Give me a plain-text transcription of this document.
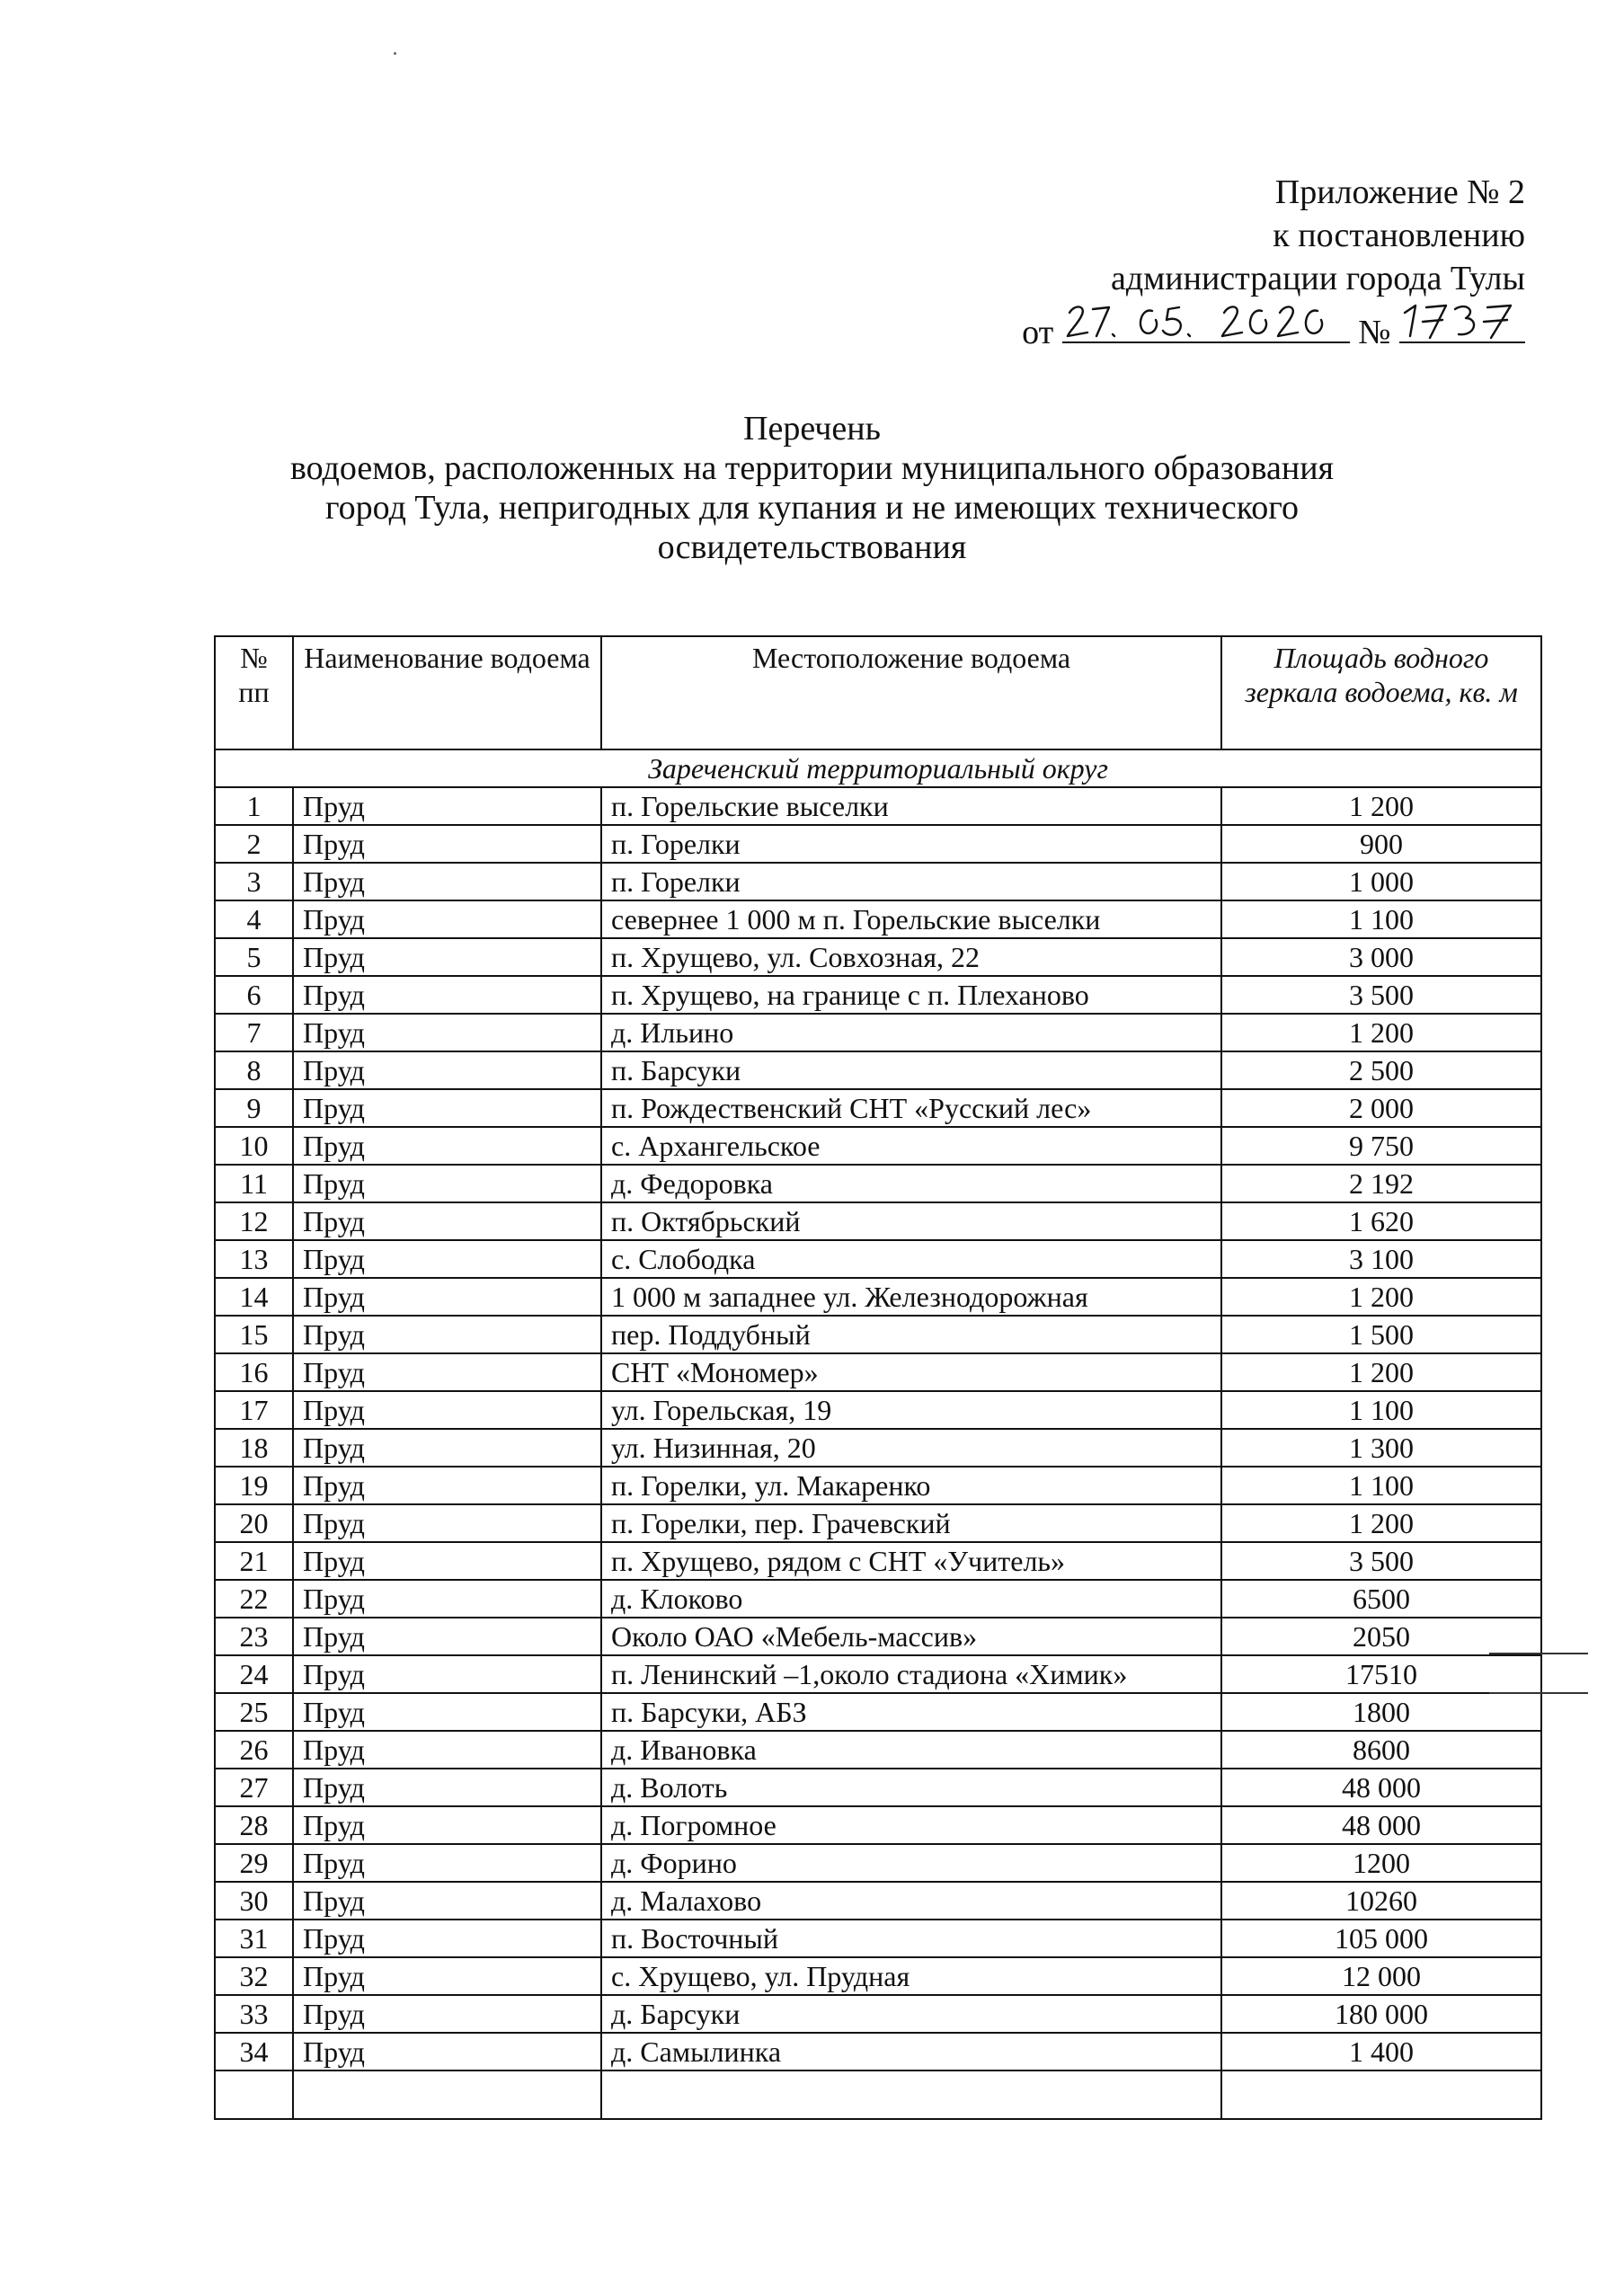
Приложение № 2
к постановлению
администрации города Тулы
от	№
Перечень
водоемов, расположенных на территории муниципального образования
город Тула, непригодных для купания и не имеющих технического
освидетельствования
№ пп	Наименование водоема	Местоположение водоема	Площадь водного зеркала водоема, кв. м
Зареченский территориальный округ			
1	Пруд	п. Горельские выселки	1 200
2	Пруд	п. Горелки	900
3	Пруд	п. Горелки	1 000
4	Пруд	севернее 1 000 м п. Горельские выселки	1 100
5	Пруд	п. Хрущево, ул. Совхозная, 22	3 000
6	Пруд	п. Хрущево, на границе с п. Плеханово	3 500
7	Пруд	д. Ильино	1 200
8	Пруд	п. Барсуки	2 500
9	Пруд	п. Рождественский СНТ «Русский лес»	2 000
10	Пруд	с. Архангельское	9 750
11	Пруд	д. Федоровка	2 192
12	Пруд	п. Октябрьский	1 620
13	Пруд	с. Слободка	3 100
14	Пруд	1 000 м западнее ул. Железнодорожная	1 200
15	Пруд	пер. Поддубный	1 500
16	Пруд	СНТ «Мономер»	1 200
17	Пруд	ул. Горельская, 19	1 100
18	Пруд	ул. Низинная, 20	1 300
19	Пруд	п. Горелки, ул. Макаренко	1 100
20	Пруд	п. Горелки, пер. Грачевский	1 200
21	Пруд	п. Хрущево, рядом с СНТ «Учитель»	3 500
22	Пруд	д. Клоково	6500
23	Пруд	Около ОАО «Мебель-массив»	2050
24	Пруд	п. Ленинский –1,около стадиона «Химик»	17510
25	Пруд	п. Барсуки, АБЗ	1800
26	Пруд	д. Ивановка	8600
27	Пруд	д. Волоть	48 000
28	Пруд	д. Погромное	48 000
29	Пруд	д. Форино	1200
30	Пруд	д. Малахово	10260
31	Пруд	п. Восточный	105 000
32	Пруд	с. Хрущево, ул. Прудная	12 000
33	Пруд	д. Барсуки	180 000
34	Пруд	д. Самылинка	1 400
